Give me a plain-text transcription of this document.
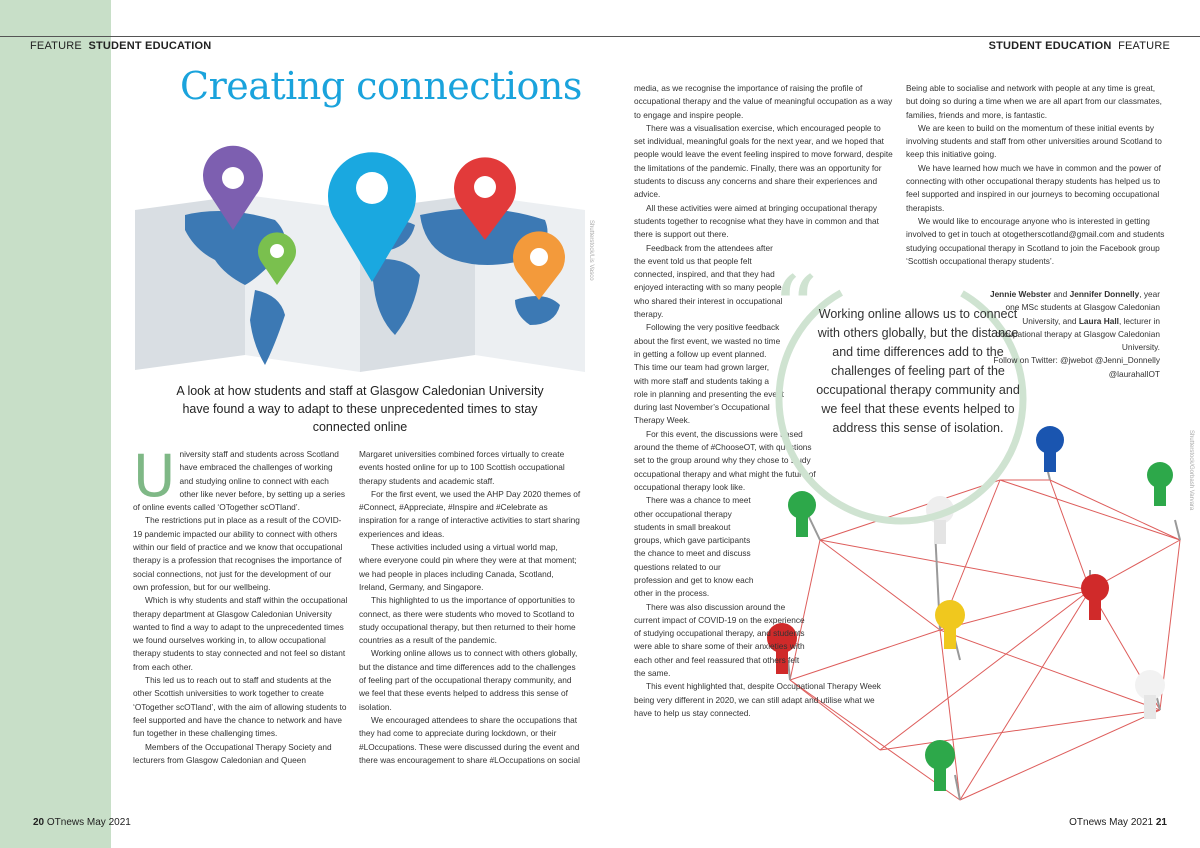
FEATURE STUDENT EDUCATION	STUDENT EDUCATION FEATURE
Creating connections
Shutterstock/Lis Vasco
A look at how students and staff at Glasgow Caledonian University have found a way to adapt to these unprecedented times to stay connected online

University staff and students across Scotland have embraced the challenges of working and studying online to connect with each other like never before, by setting up a series of online events called ‘OTogether scOTland’.

The restrictions put in place as a result of the COVID-19 pandemic impacted our ability to connect with others within our field of practice and we know that occupational therapy is a profession that recognises the importance of social connections, not just for the development of our own profession, but for our wellbeing.

Which is why students and staff within the occupational therapy department at Glasgow Caledonian University wanted to find a way to adapt to the unprecedented times we found ourselves working in, to allow occupational therapy students to stay connected and not feel so distant from each other.

This led us to reach out to staff and students at the other Scottish universities to work together to create ‘OTogether scOTland’, with the aim of allowing students to feel supported and have the chance to network and have fun together in these challenging times.

Members of the Occupational Therapy Society and lecturers from Glasgow Caledonian and Queen

Margaret universities combined forces virtually to create events hosted online for up to 100 Scottish occupational therapy students and academic staff.

For the first event, we used the AHP Day 2020 themes of #Connect, #Appreciate, #Inspire and #Celebrate as inspiration for a range of interactive activities to start sharing experiences and ideas.

These activities included using a virtual world map, where everyone could pin where they were at that moment; we had people in places including Canada, Scotland, Ireland, Germany, and Singapore.

This highlighted to us the importance of opportunities to connect, as there were students who moved to Scotland to study occupational therapy, but then returned to their home countries as a result of the pandemic.

Working online allows us to connect with others globally, but the distance and time differences add to the challenges of feeling part of the occupational therapy community, and we feel that these events helped to address this sense of isolation.

We encouraged attendees to share the occupations that they had come to appreciate during lockdown, or their #LOccupations. These were discussed during the event and there was encouragement to share #LOccupations on social

Shutterstock/Gorbash Varvara

media, as we recognise the importance of raising the profile of occupational therapy and the value of meaningful occupation as a way to engage and inspire people.

There was a visualisation exercise, which encouraged people to set individual, meaningful goals for the next year, and we hoped that people would leave the event feeling inspired to move forward, despite the limitations of the pandemic. Finally, there was an opportunity for students to discuss any concerns and share their experiences and advice.

All these activities were aimed at bringing occupational therapy students together to recognise what they have in common and that there is support out there.

Feedback from the attendees after the event told us that people felt connected, inspired, and that they had enjoyed interacting with so many people who shared their interest in occupational therapy.

Following the very positive feedback about the first event, we wasted no time in getting a follow up event planned. This time our team had grown larger, with more staff and students taking a role in planning and presenting the event during last November’s Occupational Therapy Week.

For this event, the discussions were based around the theme of #ChooseOT, with questions set to the group around why they chose to study occupational therapy and what might the future of occupational therapy look like.

There was a chance to meet other occupational therapy students in small breakout groups, which gave participants the chance to meet and discuss questions related to our profession and get to know each other in the process.

There was also discussion around the current impact of COVID-19 on the experience of studying occupational therapy, and students were able to share some of their anxieties with each other and feel reassured that others felt the same.

This event highlighted that, despite Occupational Therapy Week being very different in 2020, we can still adapt and utilise what we have to help us stay connected.

Being able to socialise and network with people at any time is great, but doing so during a time when we are all apart from our classmates, families, friends and more, is fantastic.

We are keen to build on the momentum of these initial events by involving students and staff from other universities around Scotland to keep this initiative going.

We have learned how much we have in common and the power of connecting with other occupational therapy students has helped us to feel supported and inspired in our journeys to becoming occupational therapists.

We would like to encourage anyone who is interested in getting involved to get in touch at otogetherscotland@gmail.com and students studying occupational therapy in Scotland to join the Facebook group ‘Scottish occupational therapy students’.

“ Working online allows us to connect with others globally, but the distance and time differences add to the challenges of feeling part of the occupational therapy community and we feel that these events helped to address this sense of isolation.
Jennie Webster and Jennifer Donnelly, year one MSc students at Glasgow Caledonian University, and Laura Hall, lecturer in occupational therapy at Glasgow Caledonian University.
Follow on Twitter: @jwebot @Jenni_Donnelly @laurahallOT
20 OTnews May 2021	OTnews May 2021 21
